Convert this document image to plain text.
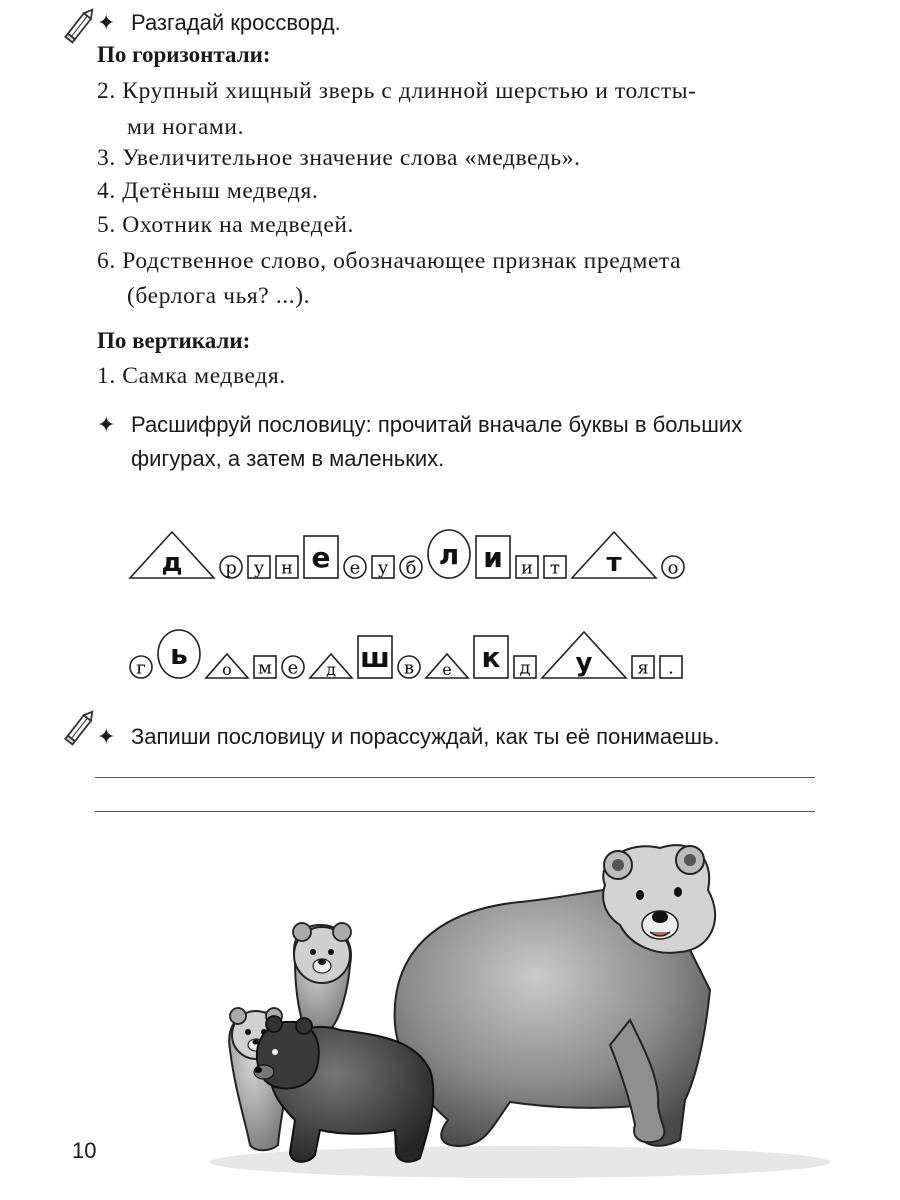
✦ Разгадай кроссворд.
По горизонтали:
2. Крупный хищный зверь с длинной шерстью и толсты-
ми ногами.
3. Увеличительное значение слова «медведь».
4. Детёныш медведя.
5. Охотник на медведей.
6. Родственное слово, обозначающее признак предмета
(берлога чья? ...).
По вертикали:
1. Самка медведя.
✦ Расшифруй пословицу: прочитай вначале буквы в больших
фигурах, а затем в маленьких.
д р у н е е у б л и и т т	о
г ь о м е д ш в е к д у я .
✦ Запиши пословицу и порассуждай, как ты её понимаешь.
10
